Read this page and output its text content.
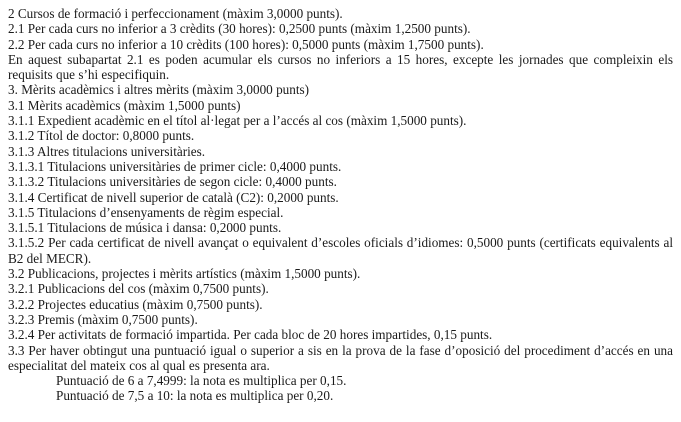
2 Cursos de formació i perfeccionament (màxim 3,0000 punts).
2.1 Per cada curs no inferior a 3 crèdits (30 hores): 0,2500 punts (màxim 1,2500 punts).
2.2 Per cada curs no inferior a 10 crèdits (100 hores): 0,5000 punts (màxim 1,7500 punts).
En aquest subapartat 2.1 es poden acumular els cursos no inferiors a 15 hores, excepte les jornades que compleixin els requisits que s’hi especifiquin.
3. Mèrits acadèmics i altres mèrits (màxim 3,0000 punts)
3.1 Mèrits acadèmics (màxim 1,5000 punts)
3.1.1 Expedient acadèmic en el títol al·legat per a l’accés al cos (màxim 1,5000 punts).
3.1.2 Títol de doctor: 0,8000 punts.
3.1.3 Altres titulacions universitàries.
3.1.3.1 Titulacions universitàries de primer cicle: 0,4000 punts.
3.1.3.2 Titulacions universitàries de segon cicle: 0,4000 punts.
3.1.4 Certificat de nivell superior de català (C2): 0,2000 punts.
3.1.5 Titulacions d’ensenyaments de règim especial.
3.1.5.1 Titulacions de música i dansa: 0,2000 punts.
3.1.5.2 Per cada certificat de nivell avançat o equivalent d’escoles oficials d’idiomes: 0,5000 punts (certificats equivalents al B2 del MECR).
3.2 Publicacions, projectes i mèrits artístics (màxim 1,5000 punts).
3.2.1 Publicacions del cos (màxim 0,7500 punts).
3.2.2 Projectes educatius (màxim 0,7500 punts).
3.2.3 Premis (màxim 0,7500 punts).
3.2.4 Per activitats de formació impartida. Per cada bloc de 20 hores impartides, 0,15 punts.
3.3 Per haver obtingut una puntuació igual o superior a sis en la prova de la fase d’oposició del procediment d’accés en una especialitat del mateix cos al qual es presenta ara.
Puntuació de 6 a 7,4999: la nota es multiplica per 0,15.
Puntuació de 7,5 a 10: la nota es multiplica per 0,20.
